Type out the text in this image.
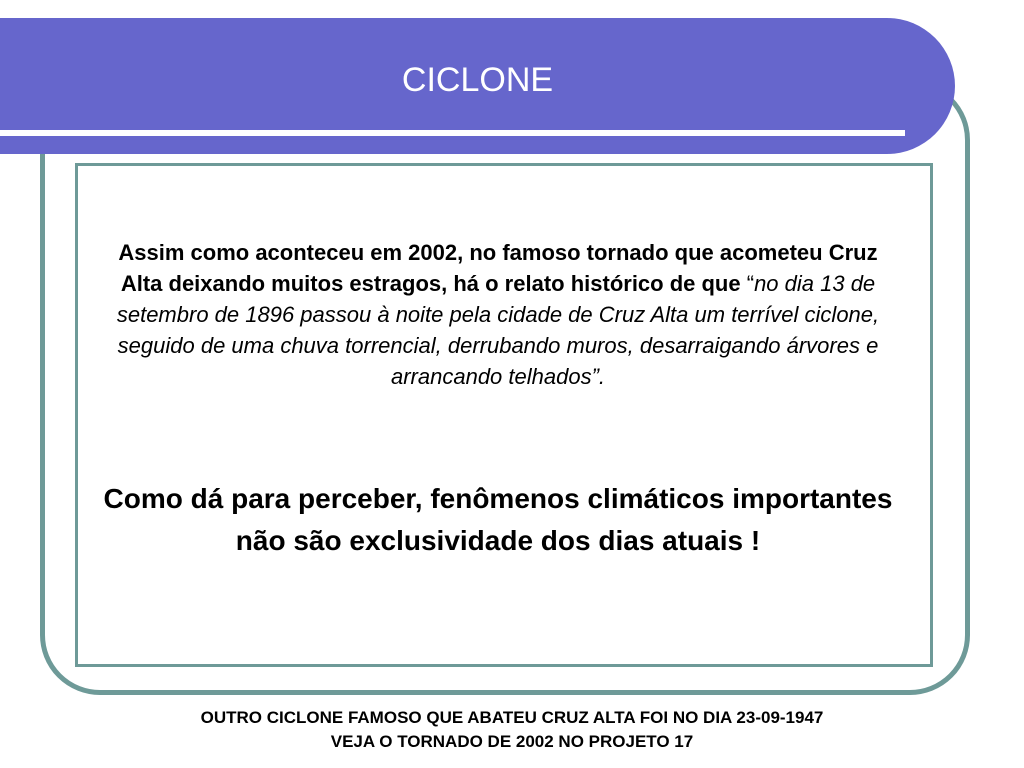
CICLONE

Assim como aconteceu em 2002, no famoso tornado que acometeu Cruz Alta deixando muitos estragos, há o relato histórico de que “no dia 13 de setembro de 1896 passou à noite pela cidade de Cruz Alta um terrível ciclone, seguido de uma chuva torrencial, derrubando muros, desarraigando árvores e arrancando telhados”.

Como dá para perceber, fenômenos climáticos importantes não são exclusividade dos dias atuais !

OUTRO CICLONE FAMOSO QUE ABATEU CRUZ ALTA FOI NO DIA 23-09-1947
VEJA O TORNADO DE 2002 NO PROJETO 17
